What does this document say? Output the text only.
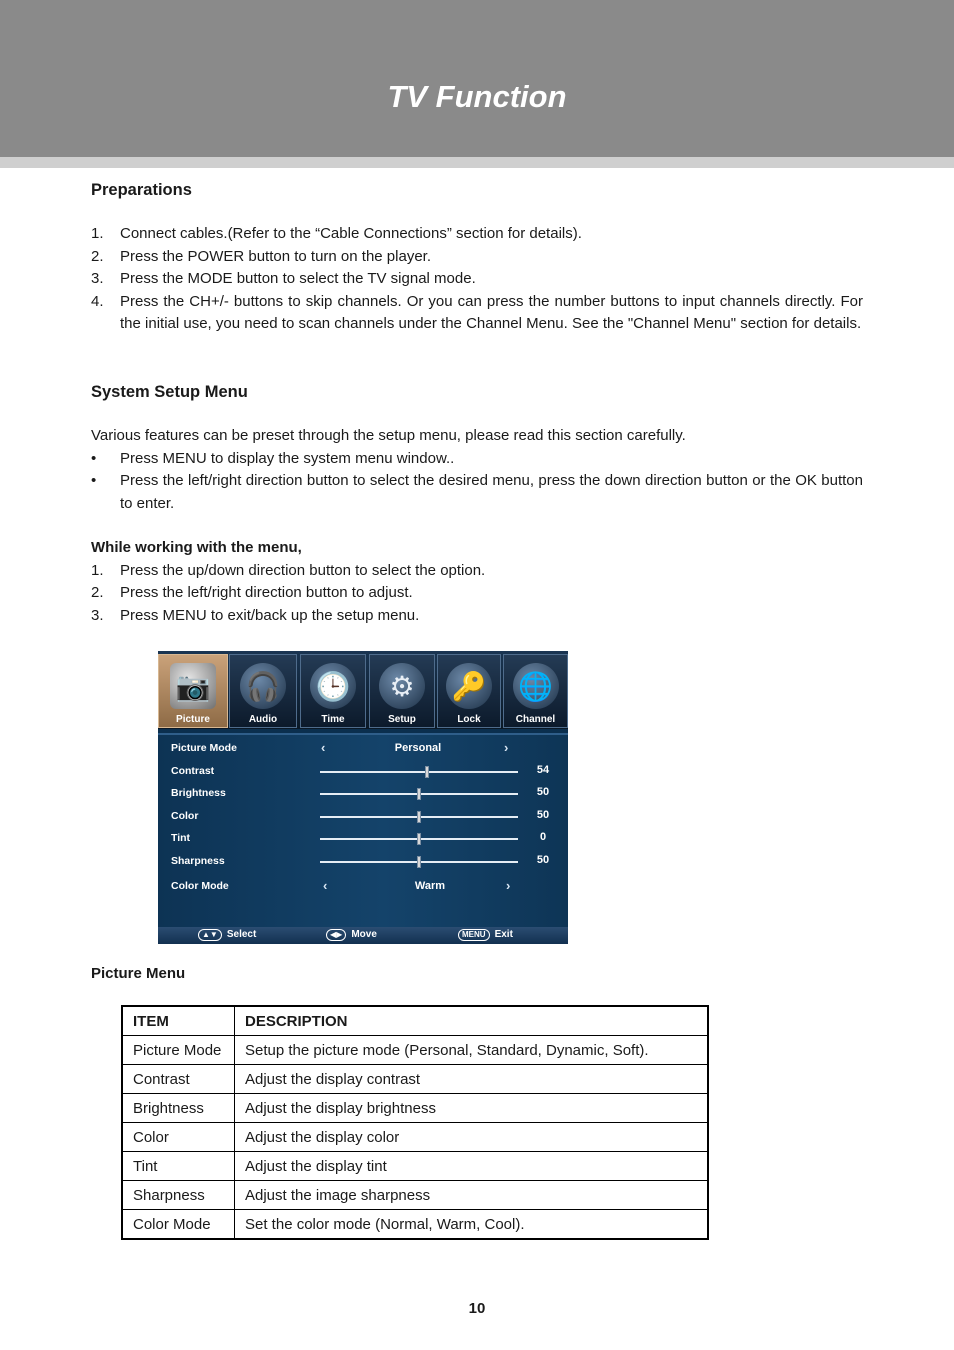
TV Function
Preparations
1. Connect cables.(Refer to the “Cable Connections” section for details).
2. Press the POWER button to turn on the player.
3. Press the MODE button to select the TV signal mode.
4. Press the CH+/- buttons to skip channels. Or you can press the number buttons to input channels directly. For the initial use, you need to scan channels under the Channel Menu. See the "Channel Menu" section for details.
System Setup Menu

Various features can be preset through the setup menu, please read this section carefully.

• Press MENU to display the system menu window..
• Press the left/right direction button to select the desired menu, press the down direction button or the OK button to enter.
While working with the menu,
1. Press the up/down direction button to select the option.
2. Press the left/right direction button to adjust.
3. Press MENU to exit/back up the setup menu.
📷
Picture
🎧
Audio
🕒
Time
⚙
Setup
🔑
Lock
🌐
Channel
Picture Mode	‹	Personal	›
Contrast	54
Brightness	50
Color	50
Tint	0
Sharpness	50
Color Mode	‹	Warm	›
▲▼ Select	◀▶ Move	MENU Exit
Picture Menu
ITEM	DESCRIPTION
Picture Mode	Setup the picture mode (Personal, Standard, Dynamic, Soft).
Contrast	Adjust the display contrast
Brightness	Adjust the display brightness
Color	Adjust the display color
Tint	Adjust the display tint
Sharpness	Adjust the image sharpness
Color Mode	Set the color mode (Normal, Warm, Cool).
10
